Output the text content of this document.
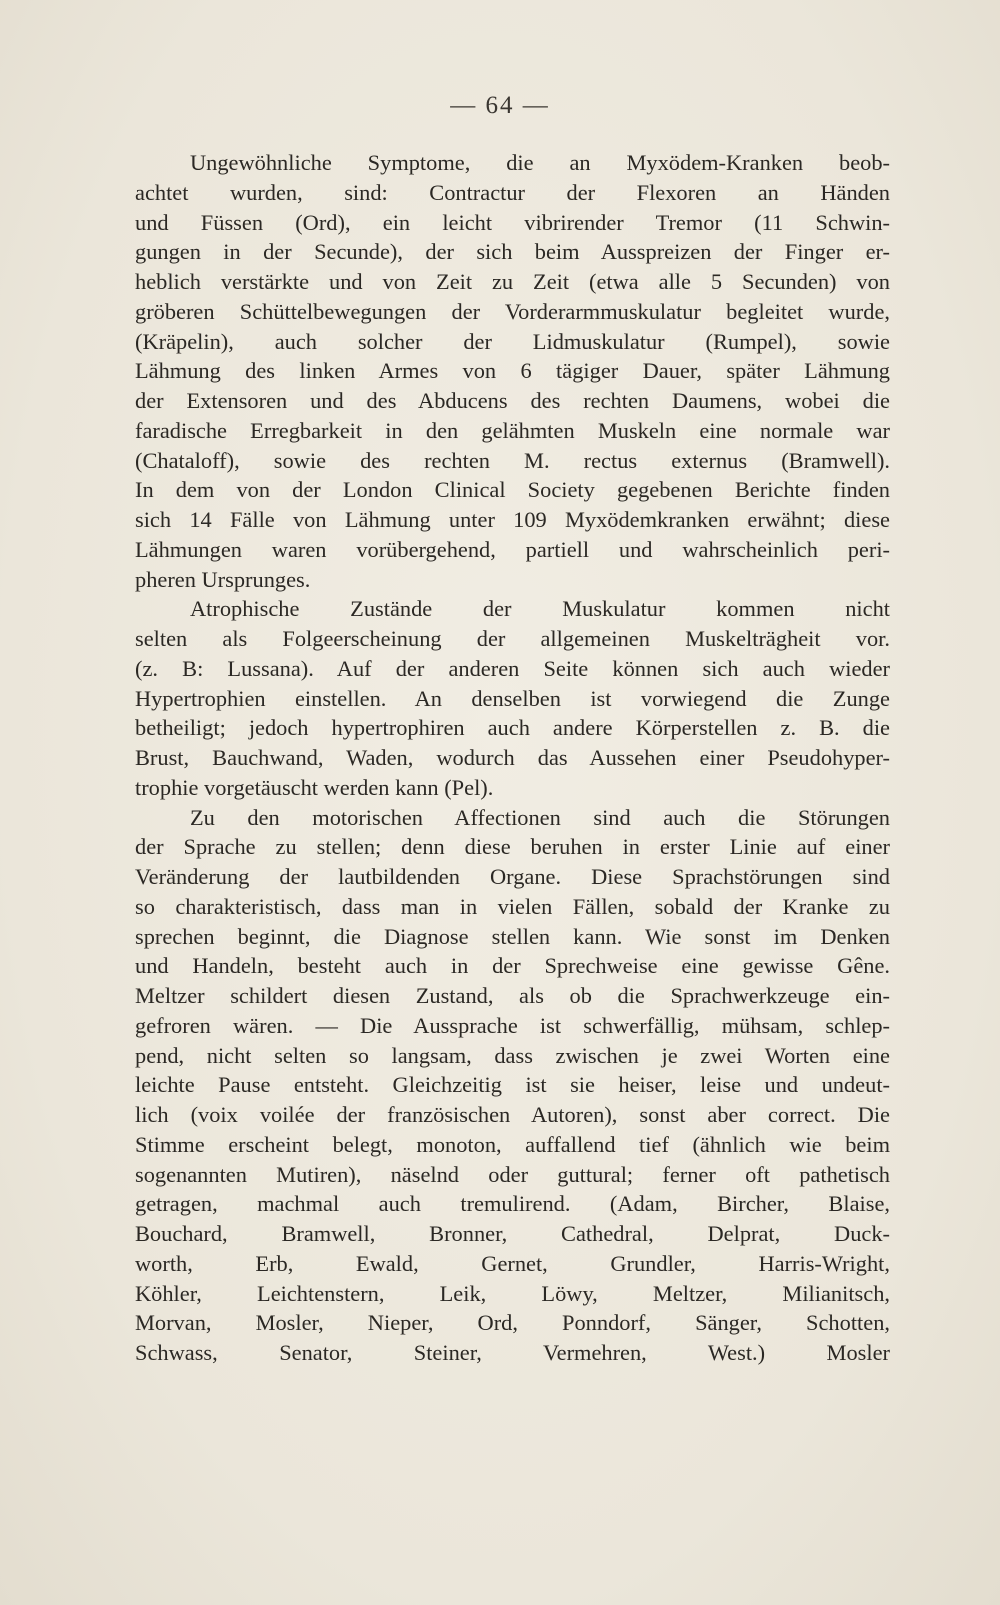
— 64 —
Ungewöhnliche Symptome, die an Myxödem-Kranken beob-
achtet wurden, sind: Contractur der Flexoren an Händen
und Füssen (Ord), ein leicht vibrirender Tremor (11 Schwin-
gungen in der Secunde), der sich beim Ausspreizen der Finger er-
heblich verstärkte und von Zeit zu Zeit (etwa alle 5 Secunden) von
gröberen Schüttelbewegungen der Vorderarmmuskulatur begleitet wurde,
(Kräpelin), auch solcher der Lidmuskulatur (Rumpel), sowie
Lähmung des linken Armes von 6 tägiger Dauer, später Lähmung
der Extensoren und des Abducens des rechten Daumens, wobei die
faradische Erregbarkeit in den gelähmten Muskeln eine normale war
(Chataloff), sowie des rechten M. rectus externus (Bramwell).
In dem von der London Clinical Society gegebenen Berichte finden
sich 14 Fälle von Lähmung unter 109 Myxödemkranken erwähnt; diese
Lähmungen waren vorübergehend, partiell und wahrscheinlich peri-
pheren Ursprunges.
Atrophische Zustände der Muskulatur kommen nicht
selten als Folgeerscheinung der allgemeinen Muskelträgheit vor.
(z. B: Lussana). Auf der anderen Seite können sich auch wieder
Hypertrophien einstellen. An denselben ist vorwiegend die Zunge
betheiligt; jedoch hypertrophiren auch andere Körperstellen z. B. die
Brust, Bauchwand, Waden, wodurch das Aussehen einer Pseudohyper-
trophie vorgetäuscht werden kann (Pel).
Zu den motorischen Affectionen sind auch die Störungen
der Sprache zu stellen; denn diese beruhen in erster Linie auf einer
Veränderung der lautbildenden Organe. Diese Sprachstörungen sind
so charakteristisch, dass man in vielen Fällen, sobald der Kranke zu
sprechen beginnt, die Diagnose stellen kann. Wie sonst im Denken
und Handeln, besteht auch in der Sprechweise eine gewisse Gêne.
Meltzer schildert diesen Zustand, als ob die Sprachwerkzeuge ein-
gefroren wären. — Die Aussprache ist schwerfällig, mühsam, schlep-
pend, nicht selten so langsam, dass zwischen je zwei Worten eine
leichte Pause entsteht. Gleichzeitig ist sie heiser, leise und undeut-
lich (voix voilée der französischen Autoren), sonst aber correct. Die
Stimme erscheint belegt, monoton, auffallend tief (ähnlich wie beim
sogenannten Mutiren), näselnd oder guttural; ferner oft pathetisch
getragen, machmal auch tremulirend. (Adam, Bircher, Blaise,
Bouchard, Bramwell, Bronner, Cathedral, Delprat, Duck-
worth, Erb, Ewald, Gernet, Grundler, Harris-Wright,
Köhler, Leichtenstern, Leik, Löwy, Meltzer, Milianitsch,
Morvan, Mosler, Nieper, Ord, Ponndorf, Sänger, Schotten,
Schwass, Senator, Steiner, Vermehren, West.) Mosler
